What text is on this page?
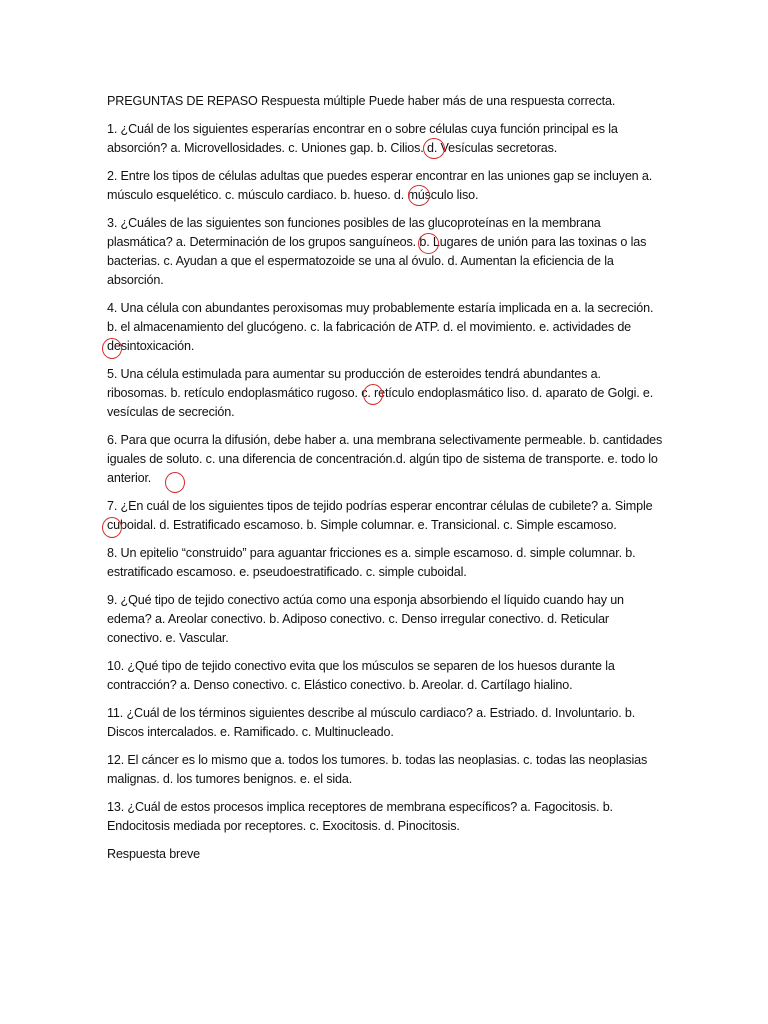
PREGUNTAS DE REPASO Respuesta múltiple Puede haber más de una respuesta correcta.

1. ¿Cuál de los siguientes esperarías encontrar en o sobre células cuya función principal es la absorción? a. Microvellosidades. c. Uniones gap. b. Cilios. d. Vesículas secretoras.

2. Entre los tipos de células adultas que puedes esperar encontrar en las uniones gap se incluyen a. músculo esquelético. c. músculo cardiaco. b. hueso. d. músculo liso.

3. ¿Cuáles de las siguientes son funciones posibles de las glucoproteínas en la membrana plasmática? a. Determinación de los grupos sanguíneos. b. Lugares de unión para las toxinas o las bacterias. c. Ayudan a que el espermatozoide se una al óvulo. d. Aumentan la eficiencia de la absorción.

4. Una célula con abundantes peroxisomas muy probablemente estaría implicada en a. la secreción. b. el almacenamiento del glucógeno. c. la fabricación de ATP. d. el movimiento. e. actividades de desintoxicación.

5. Una célula estimulada para aumentar su producción de esteroides tendrá abundantes a. ribosomas. b. retículo endoplasmático rugoso. c. retículo endoplasmático liso. d. aparato de Golgi. e. vesículas de secreción.

6. Para que ocurra la difusión, debe haber a. una membrana selectivamente permeable. b. cantidades iguales de soluto. c. una diferencia de concentración.d. algún tipo de sistema de transporte. e. todo lo anterior.

7. ¿En cuál de los siguientes tipos de tejido podrías esperar encontrar células de cubilete? a. Simple cuboidal. d. Estratificado escamoso. b. Simple columnar. e. Transicional. c. Simple escamoso.

8. Un epitelio “construido” para aguantar fricciones es a. simple escamoso. d. simple columnar. b. estratificado escamoso. e. pseudoestratificado. c. simple cuboidal.

9. ¿Qué tipo de tejido conectivo actúa como una esponja absorbiendo el líquido cuando hay un edema? a. Areolar conectivo. b. Adiposo conectivo. c. Denso irregular conectivo. d. Reticular conectivo. e. Vascular.

10. ¿Qué tipo de tejido conectivo evita que los músculos se separen de los huesos durante la contracción? a. Denso conectivo. c. Elástico conectivo. b. Areolar. d. Cartílago hialino.

11. ¿Cuál de los términos siguientes describe al músculo cardiaco? a. Estriado. d. Involuntario. b. Discos intercalados. e. Ramificado. c. Multinucleado.

12. El cáncer es lo mismo que a. todos los tumores. b. todas las neoplasias. c. todas las neoplasias malignas. d. los tumores benignos. e. el sida.

13. ¿Cuál de estos procesos implica receptores de membrana específicos? a. Fagocitosis. b. Endocitosis mediada por receptores. c. Exocitosis. d. Pinocitosis.

Respuesta breve
